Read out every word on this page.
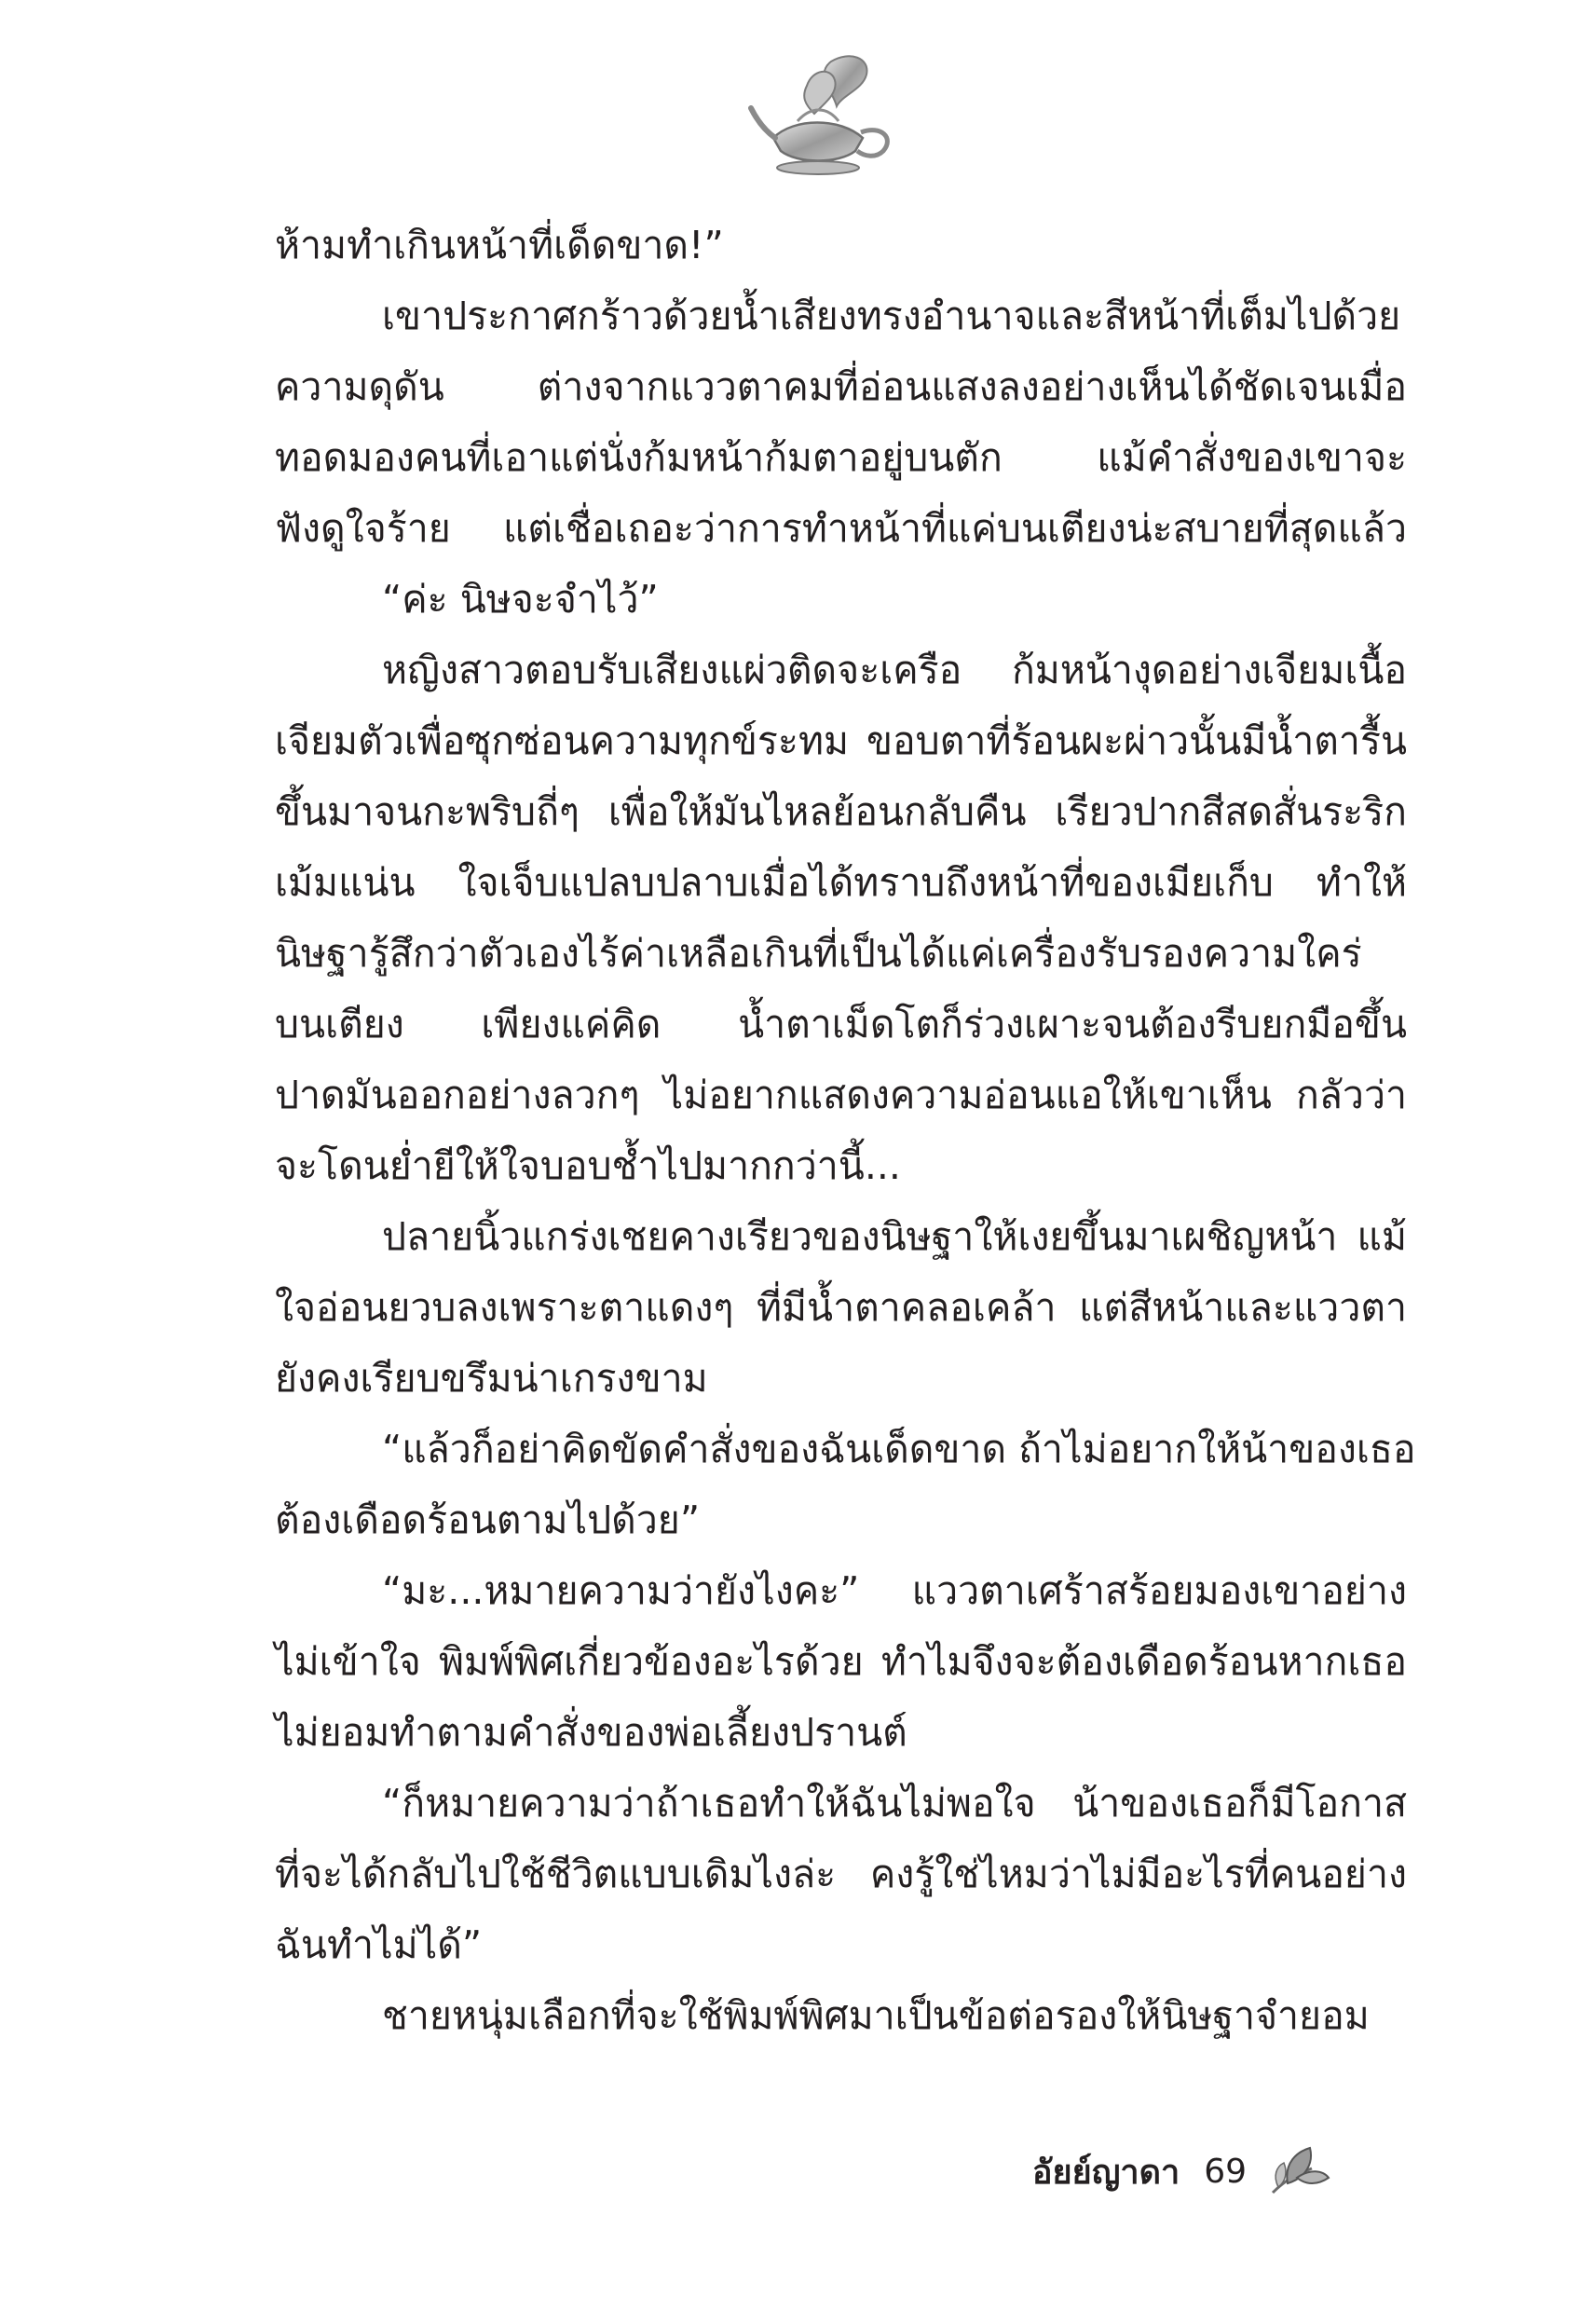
ห้ามทำเกินหน้าที่เด็ดขาด!”
เขาประกาศกร้าวด้วยน้ำเสียงทรงอำนาจและสีหน้าที่เต็มไปด้วย
ความดุดัน ต่างจากแววตาคมที่อ่อนแสงลงอย่างเห็นได้ชัดเจนเมื่อ
ทอดมองคนที่เอาแต่นั่งก้มหน้าก้มตาอยู่บนตัก แม้คำสั่งของเขาจะ
ฟังดูใจร้าย แต่เชื่อเถอะว่าการทำหน้าที่แค่บนเตียงน่ะสบายที่สุดแล้ว
“ค่ะ นิษจะจำไว้”
หญิงสาวตอบรับเสียงแผ่วติดจะเครือ ก้มหน้างุดอย่างเจียมเนื้อ
เจียมตัวเพื่อซุกซ่อนความทุกข์ระทม ขอบตาที่ร้อนผะผ่าวนั้นมีน้ำตารื้น
ขึ้นมาจนกะพริบถี่ๆ เพื่อให้มันไหลย้อนกลับคืน เรียวปากสีสดสั่นระริก
เม้มแน่น ใจเจ็บแปลบปลาบเมื่อได้ทราบถึงหน้าที่ของเมียเก็บ ทำให้
นิษฐารู้สึกว่าตัวเองไร้ค่าเหลือเกินที่เป็นได้แค่เครื่องรับรองความใคร่
บนเตียง เพียงแค่คิด น้ำตาเม็ดโตก็ร่วงเผาะจนต้องรีบยกมือขึ้น
ปาดมันออกอย่างลวกๆ ไม่อยากแสดงความอ่อนแอให้เขาเห็น กลัวว่า
จะโดนย่ำยีให้ใจบอบช้ำไปมากกว่านี้...
ปลายนิ้วแกร่งเชยคางเรียวของนิษฐาให้เงยขึ้นมาเผชิญหน้า แม้
ใจอ่อนยวบลงเพราะตาแดงๆ ที่มีน้ำตาคลอเคล้า แต่สีหน้าและแววตา
ยังคงเรียบขรึมน่าเกรงขาม
“แล้วก็อย่าคิดขัดคำสั่งของฉันเด็ดขาด ถ้าไม่อยากให้น้าของเธอ
ต้องเดือดร้อนตามไปด้วย”
“มะ...หมายความว่ายังไงคะ” แววตาเศร้าสร้อยมองเขาอย่าง
ไม่เข้าใจ พิมพ์พิศเกี่ยวข้องอะไรด้วย ทำไมจึงจะต้องเดือดร้อนหากเธอ
ไม่ยอมทำตามคำสั่งของพ่อเลี้ยงปรานต์
“ก็หมายความว่าถ้าเธอทำให้ฉันไม่พอใจ น้าของเธอก็มีโอกาส
ที่จะได้กลับไปใช้ชีวิตแบบเดิมไงล่ะ คงรู้ใช่ไหมว่าไม่มีอะไรที่คนอย่าง
ฉันทำไม่ได้”
ชายหนุ่มเลือกที่จะใช้พิมพ์พิศมาเป็นข้อต่อรองให้นิษฐาจำยอม
อัยย์ญาดา 69
